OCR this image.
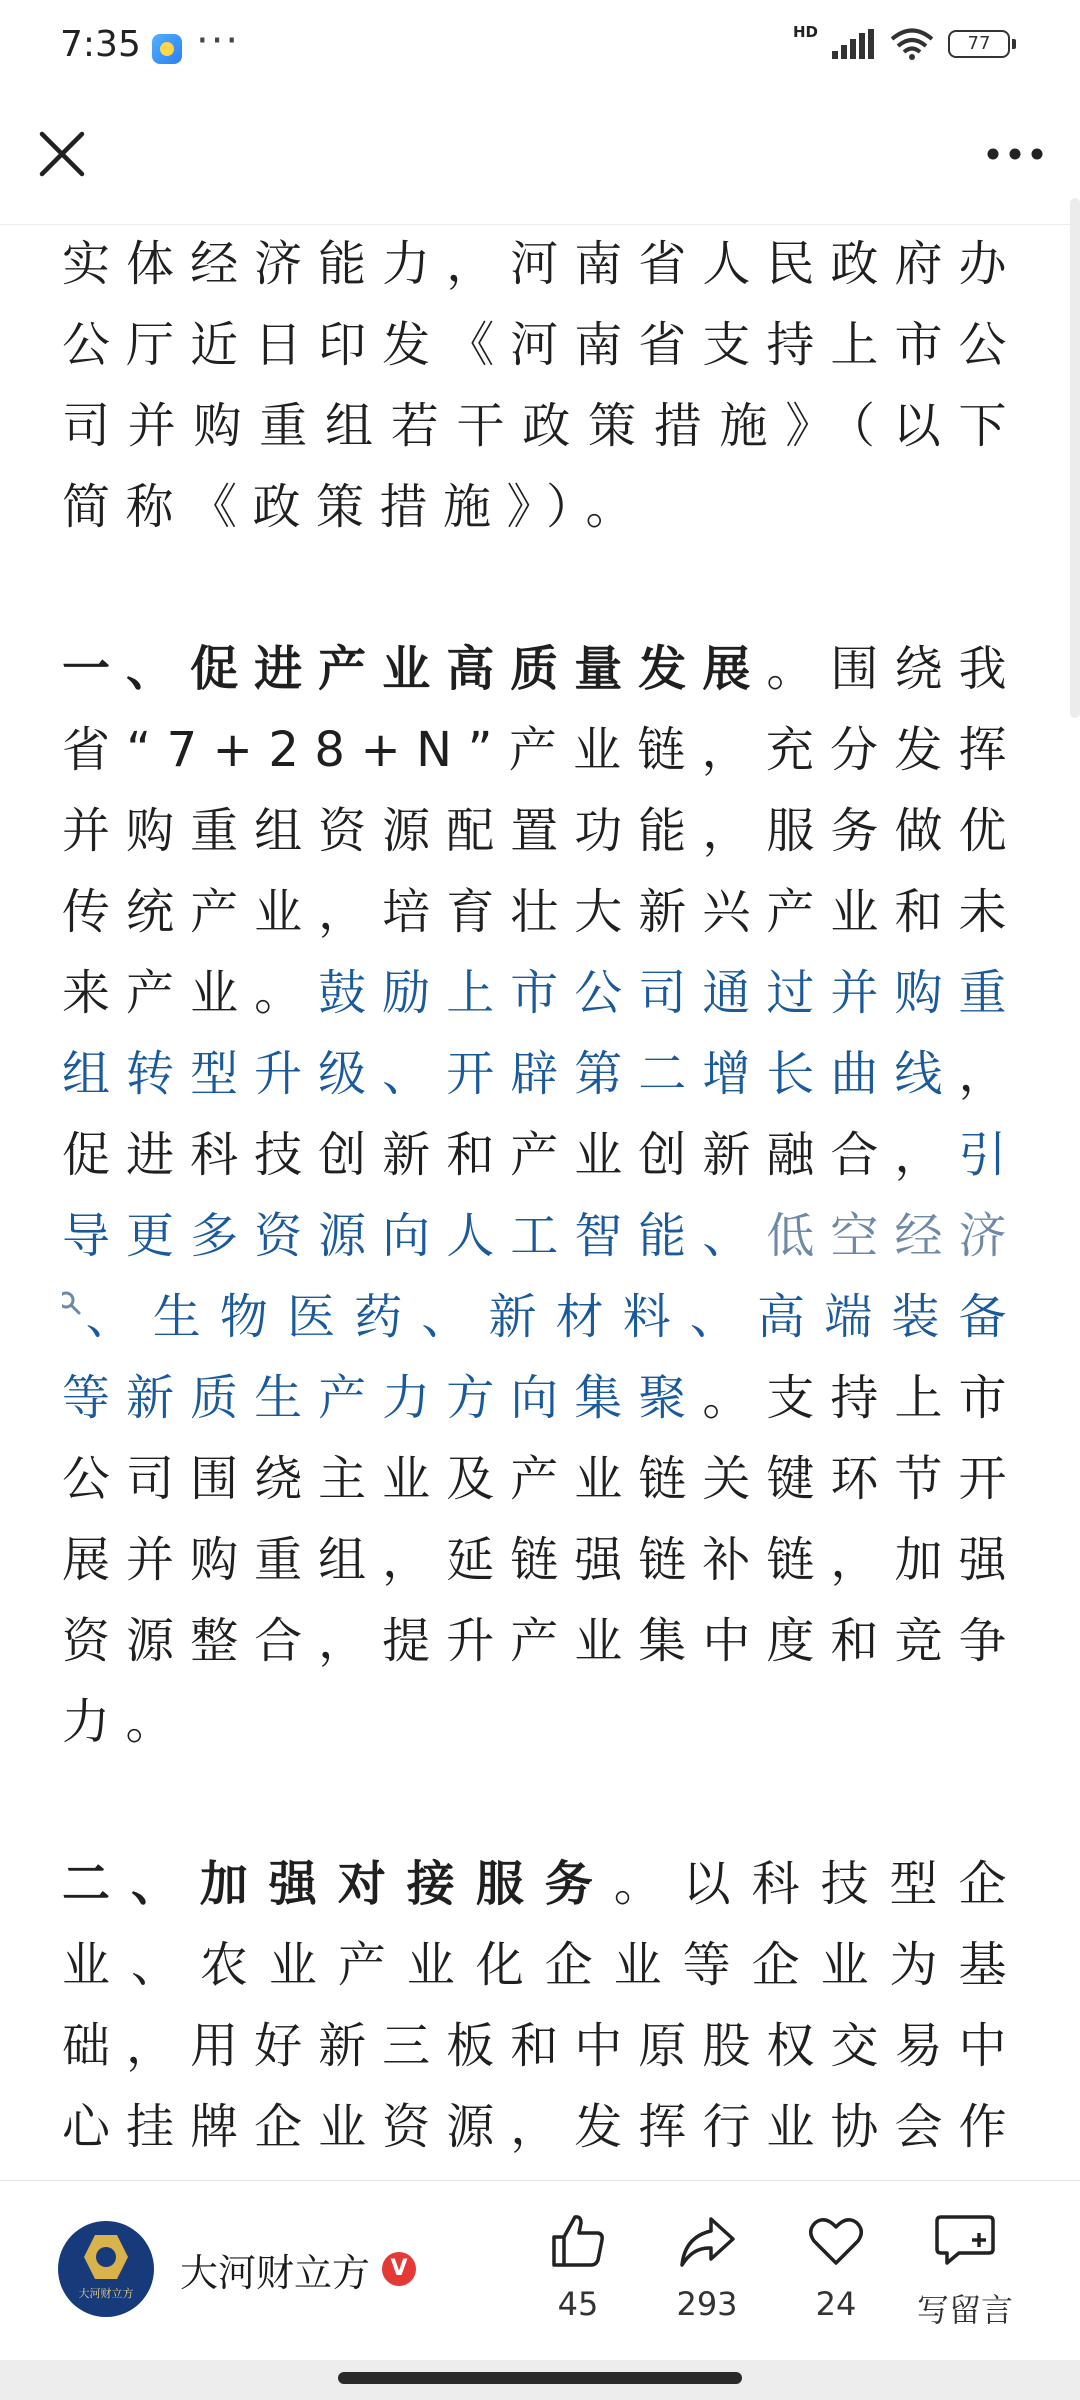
7:35 ···	HD
77

实体经济能力，河南省人民政府办公厅近日印发《河南省支持上市公司并购重组若干政策措施》（以下简称《政策措施》）。

一、促进产业高质量发展。围绕我省“7+28+N”产业链，充分发挥并购重组资源配置功能，服务做优传统产业，培育壮大新兴产业和未来产业。鼓励上市公司通过并购重组转型升级、开辟第二增长曲线，促进科技创新和产业创新融合，引导更多资源向人工智能、低空经济、生物医药、新材料、高端装备等新质生产力方向集聚。支持上市公司围绕主业及产业链关键环节开展并购重组，延链强链补链，加强资源整合，提升产业集中度和竞争力。

二、加强对接服务。以科技型企业、农业产业化企业等企业为基础，用好新三板和中原股权交易中心挂牌企业资源，发挥行业协会作

大河财立方	大河财立方 V
45	293	24	写留言
